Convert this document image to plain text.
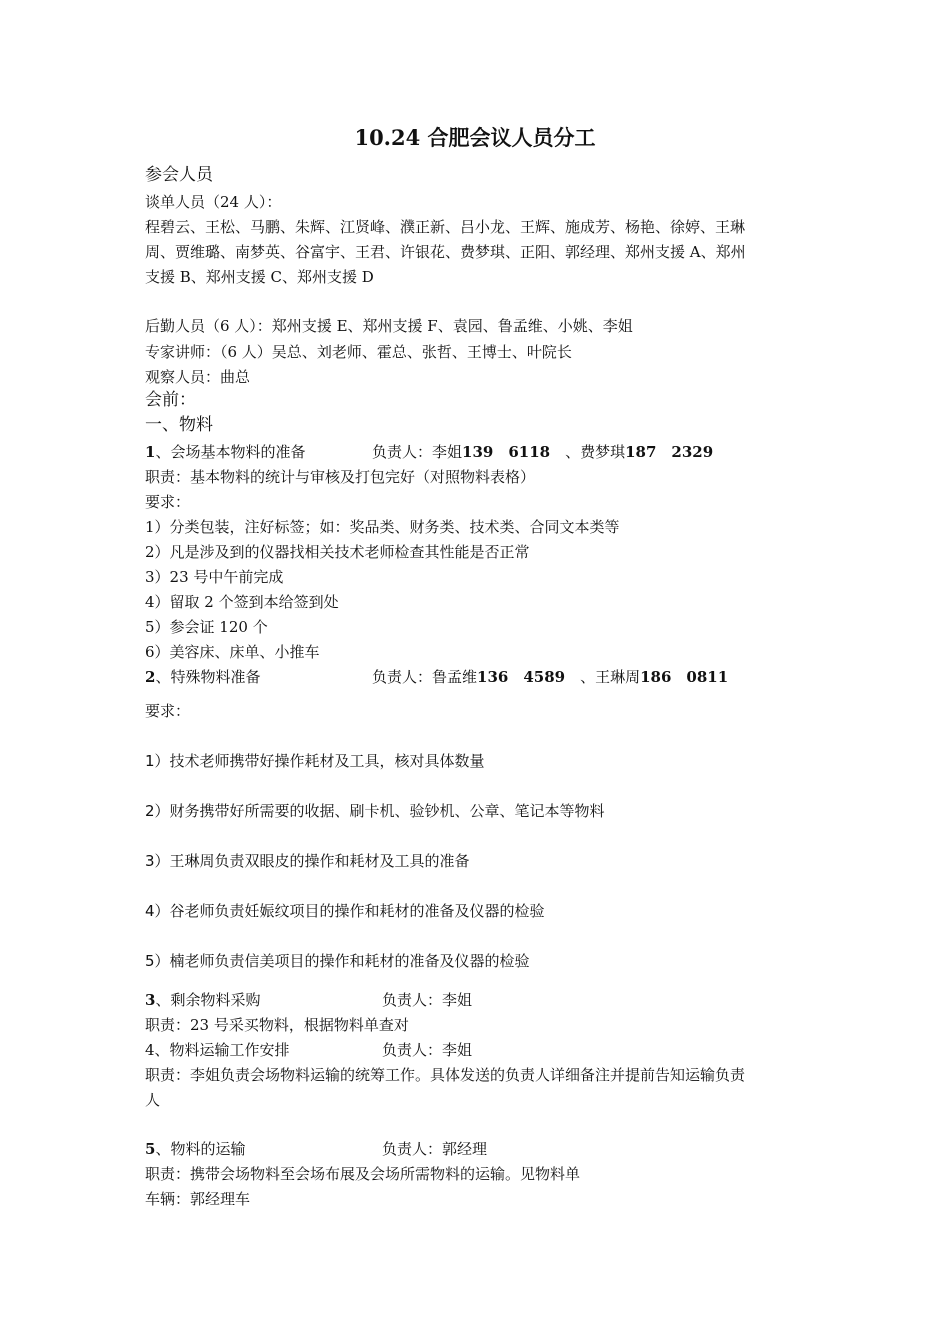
10.24 合肥会议人员分工
参会人员
谈单人员（24 人）：
程碧云、王松、马鹏、朱辉、江贤峰、濮正新、吕小龙、王辉、施成芳、杨艳、徐婷、王琳
周、贾维璐、南梦英、谷富宇、王君、许银花、费梦琪、正阳、郭经理、郑州支援 A、郑州
支援 B、郑州支援 C、郑州支援 D
后勤人员（6 人）：郑州支援 E、郑州支援 F、袁园、鲁孟维、小姚、李姐
专家讲师：（6 人）吴总、刘老师、霍总、张哲、王博士、叶院长
观察人员：曲总
会前：
一、物料
1、会场基本物料的准备	负责人：李姐139　6118　、费梦琪187　2329
职责：基本物料的统计与审核及打包完好（对照物料表格）
要求：
1）分类包装，注好标签；如：奖品类、财务类、技术类、合同文本类等
2）凡是涉及到的仪器找相关技术老师检查其性能是否正常
3）23 号中午前完成
4）留取 2 个签到本给签到处
5）参会证 120 个
6）美容床、床单、小推车
2、特殊物料准备	负责人：鲁孟维136　4589　、王琳周186　0811
要求：
1）技术老师携带好操作耗材及工具，核对具体数量
2）财务携带好所需要的收据、刷卡机、验钞机、公章、笔记本等物料
3）王琳周负责双眼皮的操作和耗材及工具的准备
4）谷老师负责妊娠纹项目的操作和耗材的准备及仪器的检验
5）楠老师负责信美项目的操作和耗材的准备及仪器的检验
3、剩余物料采购	负责人：李姐
职责：23 号采买物料，根据物料单查对
4、物料运输工作安排	负责人：李姐
职责：李姐负责会场物料运输的统筹工作。具体发送的负责人详细备注并提前告知运输负责
人
5、物料的运输	负责人：郭经理
职责：携带会场物料至会场布展及会场所需物料的运输。见物料单
车辆：郭经理车
